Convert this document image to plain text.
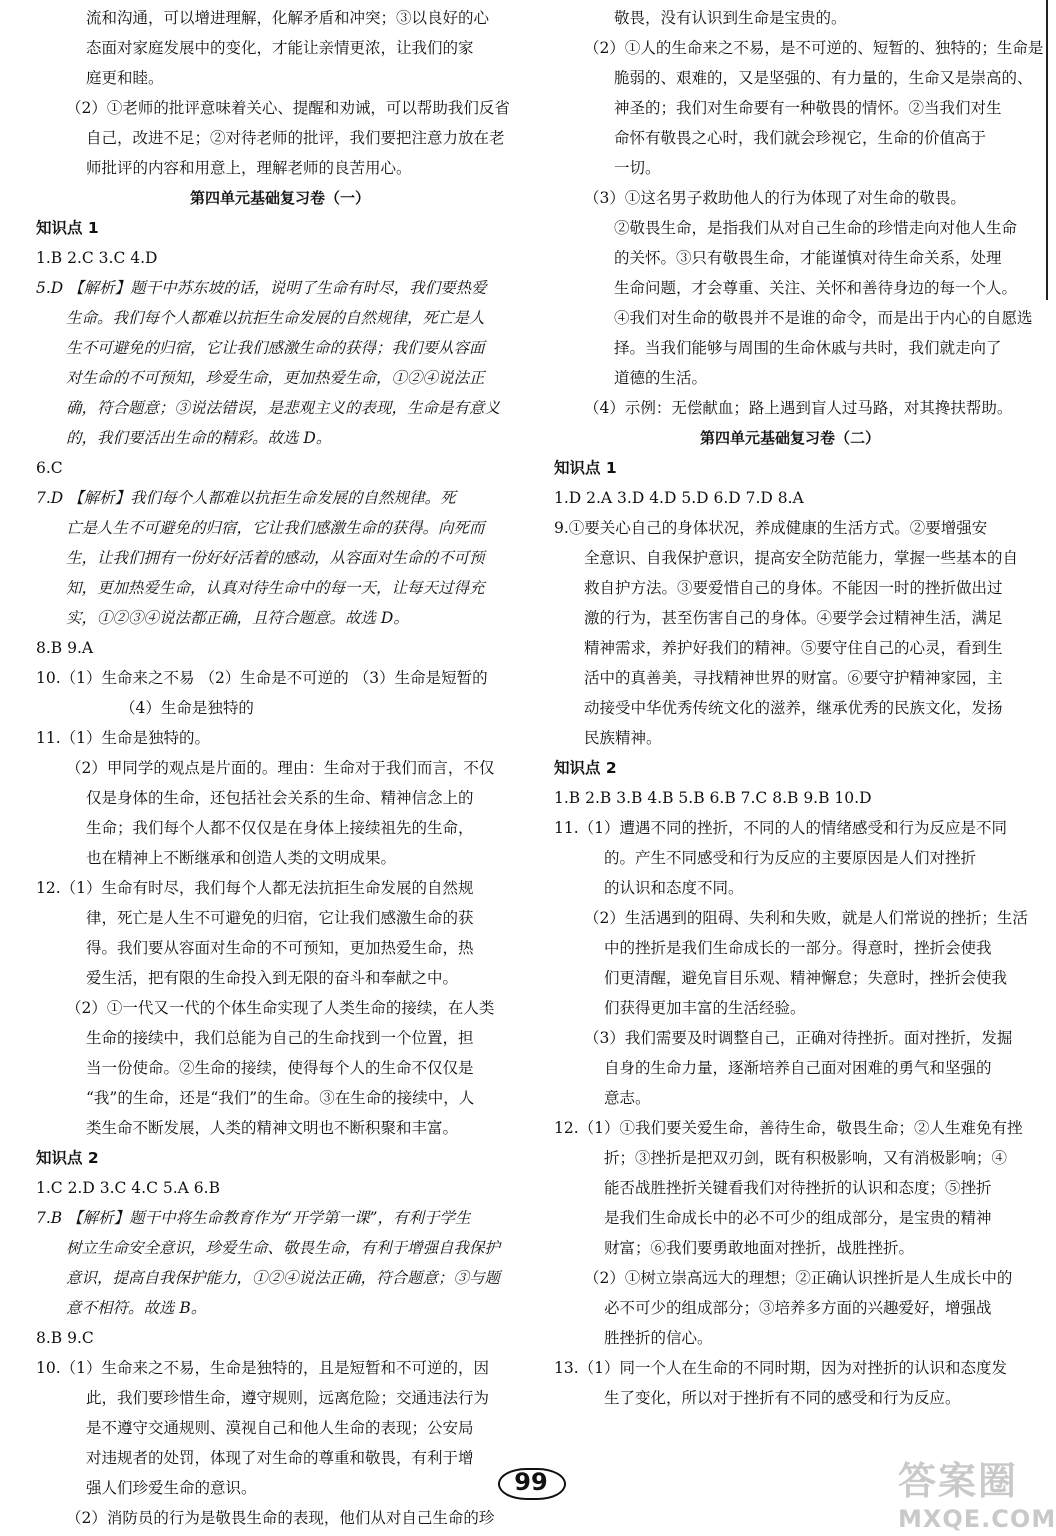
流和沟通，可以增进理解，化解矛盾和冲突；③以良好的心
态面对家庭发展中的变化，才能让亲情更浓，让我们的家
庭更和睦。
（2）①老师的批评意味着关心、提醒和劝诫，可以帮助我们反省
自己，改进不足；②对待老师的批评，我们要把注意力放在老
师批评的内容和用意上，理解老师的良苦用心。
第四单元基础复习卷（一）
知识点 1
1.B 2.C 3.C 4.D
5.D 【解析】题干中苏东坡的话，说明了生命有时尽，我们要热爱
生命。我们每个人都难以抗拒生命发展的自然规律，死亡是人
生不可避免的归宿，它让我们感激生命的获得；我们要从容面
对生命的不可预知，珍爱生命，更加热爱生命，①②④说法正
确，符合题意；③说法错误，是悲观主义的表现，生命是有意义
的，我们要活出生命的精彩。故选 D。
6.C
7.D 【解析】我们每个人都难以抗拒生命发展的自然规律。死
亡是人生不可避免的归宿，它让我们感激生命的获得。向死而
生，让我们拥有一份好好活着的感动，从容面对生命的不可预
知，更加热爱生命，认真对待生命中的每一天，让每天过得充
实，①②③④说法都正确，且符合题意。故选 D。
8.B 9.A
10.（1）生命来之不易 （2）生命是不可逆的 （3）生命是短暂的
（4）生命是独特的
11.（1）生命是独特的。
（2）甲同学的观点是片面的。理由：生命对于我们而言，不仅
仅是身体的生命，还包括社会关系的生命、精神信念上的
生命；我们每个人都不仅仅是在身体上接续祖先的生命，
也在精神上不断继承和创造人类的文明成果。
12.（1）生命有时尽，我们每个人都无法抗拒生命发展的自然规
律，死亡是人生不可避免的归宿，它让我们感激生命的获
得。我们要从容面对生命的不可预知，更加热爱生命，热
爱生活，把有限的生命投入到无限的奋斗和奉献之中。
（2）①一代又一代的个体生命实现了人类生命的接续，在人类
生命的接续中，我们总能为自己的生命找到一个位置，担
当一份使命。②生命的接续，使得每个人的生命不仅仅是
“我”的生命，还是“我们”的生命。③在生命的接续中，人
类生命不断发展，人类的精神文明也不断积聚和丰富。
知识点 2
1.C 2.D 3.C 4.C 5.A 6.B
7.B 【解析】题干中将生命教育作为“开学第一课”，有利于学生
树立生命安全意识，珍爱生命、敬畏生命，有利于增强自我保护
意识，提高自我保护能力，①②④说法正确，符合题意；③与题
意不相符。故选 B。
8.B 9.C
10.（1）生命来之不易，生命是独特的，且是短暂和不可逆的，因
此，我们要珍惜生命，遵守规则，远离危险；交通违法行为
是不遵守交通规则、漠视自己和他人生命的表现；公安局
对违规者的处罚，体现了对生命的尊重和敬畏，有利于增
强人们珍爱生命的意识。
（2）消防员的行为是敬畏生命的表现，他们从对自己生命的珍
敬畏，没有认识到生命是宝贵的。
（2）①人的生命来之不易，是不可逆的、短暂的、独特的；生命是
脆弱的、艰难的，又是坚强的、有力量的，生命又是崇高的、
神圣的；我们对生命要有一种敬畏的情怀。②当我们对生
命怀有敬畏之心时，我们就会珍视它，生命的价值高于
一切。
（3）①这名男子救助他人的行为体现了对生命的敬畏。
②敬畏生命，是指我们从对自己生命的珍惜走向对他人生命
的关怀。③只有敬畏生命，才能谨慎对待生命关系，处理
生命问题，才会尊重、关注、关怀和善待身边的每一个人。
④我们对生命的敬畏并不是谁的命令，而是出于内心的自愿选
择。当我们能够与周围的生命休戚与共时，我们就走向了
道德的生活。
（4）示例：无偿献血；路上遇到盲人过马路，对其搀扶帮助。
第四单元基础复习卷（二）
知识点 1
1.D 2.A 3.D 4.D 5.D 6.D 7.D 8.A
9.①要关心自己的身体状况，养成健康的生活方式。②要增强安
全意识、自我保护意识，提高安全防范能力，掌握一些基本的自
救自护方法。③要爱惜自己的身体。不能因一时的挫折做出过
激的行为，甚至伤害自己的身体。④要学会过精神生活，满足
精神需求，养护好我们的精神。⑤要守住自己的心灵，看到生
活中的真善美，寻找精神世界的财富。⑥要守护精神家园，主
动接受中华优秀传统文化的滋养，继承优秀的民族文化，发扬
民族精神。
知识点 2
1.B 2.B 3.B 4.B 5.B 6.B 7.C 8.B 9.B 10.D
11.（1）遭遇不同的挫折，不同的人的情绪感受和行为反应是不同
的。产生不同感受和行为反应的主要原因是人们对挫折
的认识和态度不同。
（2）生活遇到的阻碍、失利和失败，就是人们常说的挫折；生活
中的挫折是我们生命成长的一部分。得意时，挫折会使我
们更清醒，避免盲目乐观、精神懈怠；失意时，挫折会使我
们获得更加丰富的生活经验。
（3）我们需要及时调整自己，正确对待挫折。面对挫折，发掘
自身的生命力量，逐渐培养自己面对困难的勇气和坚强的
意志。
12.（1）①我们要关爱生命，善待生命，敬畏生命；②人生难免有挫
折；③挫折是把双刃剑，既有积极影响，又有消极影响；④
能否战胜挫折关键看我们对待挫折的认识和态度；⑤挫折
是我们生命成长中的必不可少的组成部分，是宝贵的精神
财富；⑥我们要勇敢地面对挫折，战胜挫折。
（2）①树立崇高远大的理想；②正确认识挫折是人生成长中的
必不可少的组成部分；③培养多方面的兴趣爱好，增强战
胜挫折的信心。
13.（1）同一个人在生命的不同时期，因为对挫折的认识和态度发
生了变化，所以对于挫折有不同的感受和行为反应。
99	答案圈
MXQE.COM
